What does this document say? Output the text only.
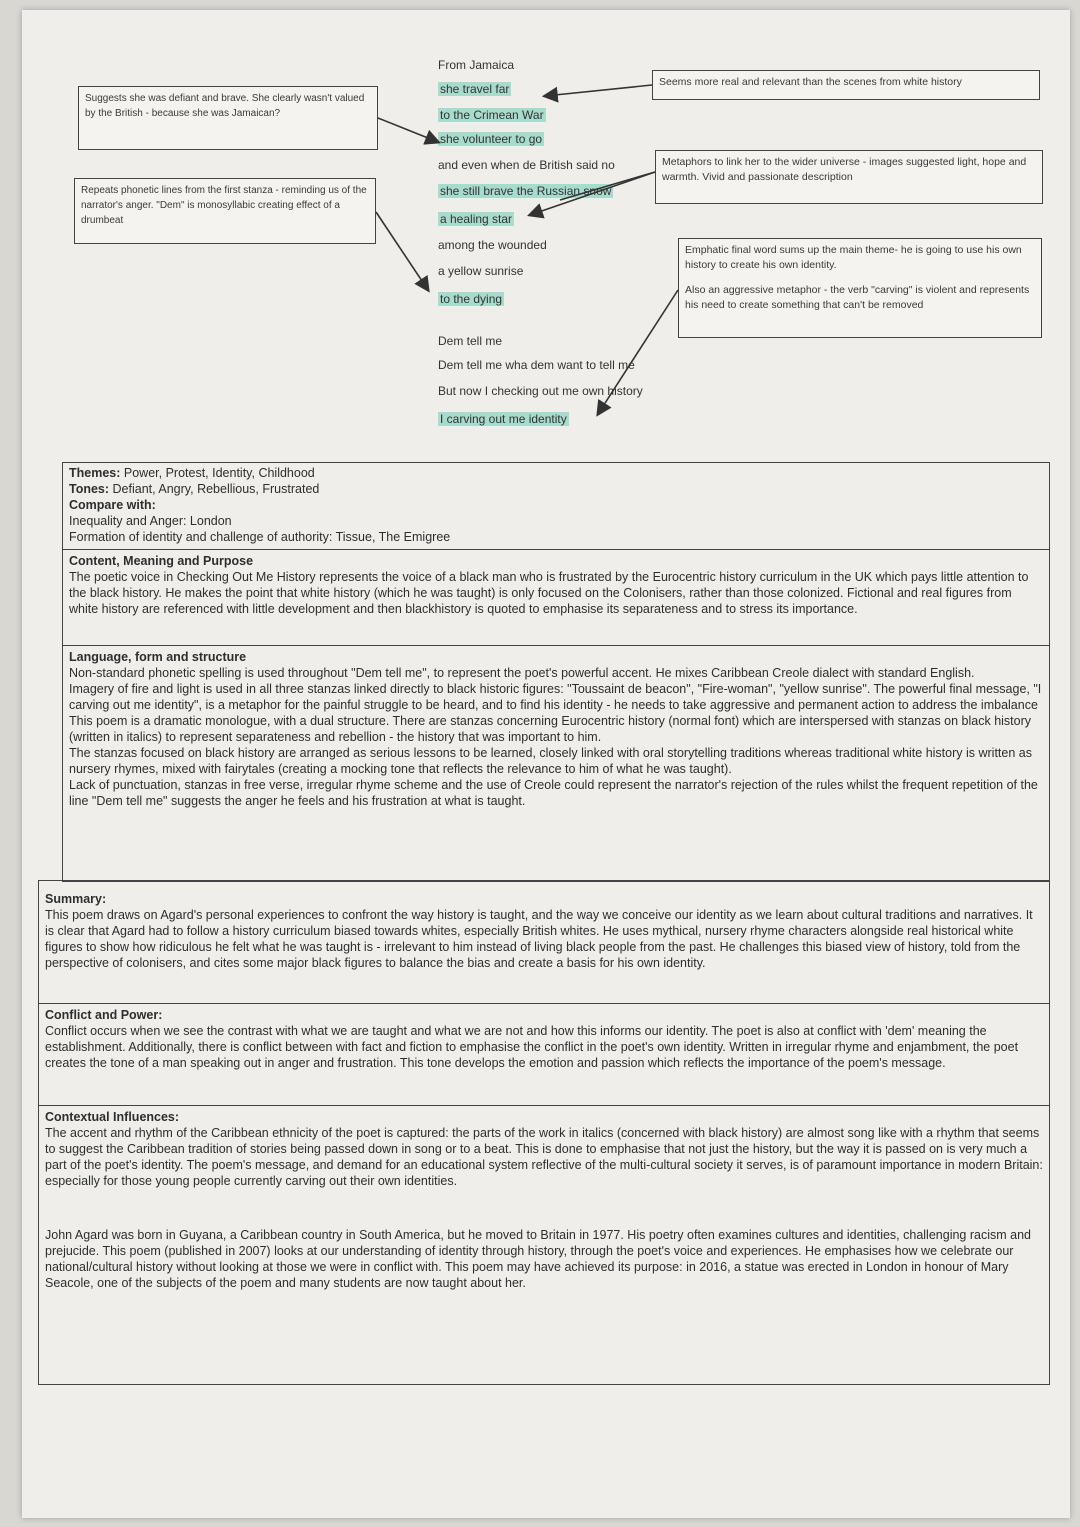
Suggests she was defiant and brave. She clearly wasn't valued by the British - because she was Jamaican?
Repeats phonetic lines from the first stanza - reminding us of the narrator's anger. "Dem" is monosyllabic creating effect of a drumbeat
Seems more real and relevant than the scenes from white history
Metaphors to link her to the wider universe - images suggested light, hope and warmth. Vivid and passionate description
Emphatic final word sums up the main theme- he is going to use his own history to create his own identity.
Also an aggressive metaphor - the verb "carving" is violent and represents his need to create something that can't be removed
From Jamaica
she travel far
to the Crimean War
she volunteer to go
and even when de British said no
she still brave the Russian snow
a healing star
among the wounded
a yellow sunrise
to the dying
Dem tell me
Dem tell me wha dem want to tell me
But now I checking out me own history
I carving out me identity

Themes: Power, Protest, Identity, Childhood

Tones: Defiant, Angry, Rebellious, Frustrated

Compare with:

Inequality and Anger: London

Formation of identity and challenge of authority: Tissue, The Emigree

Content, Meaning and Purpose

The poetic voice in Checking Out Me History represents the voice of a black man who is frustrated by the Eurocentric history curriculum in the UK which pays little attention to the black history. He makes the point that white history (which he was taught) is only focused on the Colonisers, rather than those colonized. Fictional and real figures from white history are referenced with little development and then blackhistory is quoted to emphasise its separateness and to stress its importance.

Language, form and structure

Non-standard phonetic spelling is used throughout "Dem tell me", to represent the poet's powerful accent. He mixes Caribbean Creole dialect with standard English.

Imagery of fire and light is used in all three stanzas linked directly to black historic figures: "Toussaint de beacon", "Fire-woman", "yellow sunrise". The powerful final message, "I carving out me identity", is a metaphor for the painful struggle to be heard, and to find his identity - he needs to take aggressive and permanent action to address the imbalance

This poem is a dramatic monologue, with a dual structure. There are stanzas concerning Eurocentric history (normal font) which are interspersed with stanzas on black history (written in italics) to represent separateness and rebellion - the history that was important to him.

The stanzas focused on black history are arranged as serious lessons to be learned, closely linked with oral storytelling traditions whereas traditional white history is written as nursery rhymes, mixed with fairytales (creating a mocking tone that reflects the relevance to him of what he was taught).

Lack of punctuation, stanzas in free verse, irregular rhyme scheme and the use of Creole could represent the narrator's rejection of the rules whilst the frequent repetition of the line "Dem tell me" suggests the anger he feels and his frustration at what is taught.

Summary:

This poem draws on Agard's personal experiences to confront the way history is taught, and the way we conceive our identity as we learn about cultural traditions and narratives. It is clear that Agard had to follow a history curriculum biased towards whites, especially British whites. He uses mythical, nursery rhyme characters alongside real historical white figures to show how ridiculous he felt what he was taught is - irrelevant to him instead of living black people from the past. He challenges this biased view of history, told from the perspective of colonisers, and cites some major black figures to balance the bias and create a basis for his own identity.

Conflict and Power:

Conflict occurs when we see the contrast with what we are taught and what we are not and how this informs our identity. The poet is also at conflict with 'dem' meaning the establishment. Additionally, there is conflict between with fact and fiction to emphasise the conflict in the poet's own identity. Written in irregular rhyme and enjambment, the poet creates the tone of a man speaking out in anger and frustration. This tone develops the emotion and passion which reflects the importance of the poem's message.

Contextual Influences:

The accent and rhythm of the Caribbean ethnicity of the poet is captured: the parts of the work in italics (concerned with black history) are almost song like with a rhythm that seems to suggest the Caribbean tradition of stories being passed down in song or to a beat. This is done to emphasise that not just the history, but the way it is passed on is very much a part of the poet's identity. The poem's message, and demand for an educational system reflective of the multi-cultural society it serves, is of paramount importance in modern Britain: especially for those young people currently carving out their own identities.

John Agard was born in Guyana, a Caribbean country in South America, but he moved to Britain in 1977. His poetry often examines cultures and identities, challenging racism and prejucide. This poem (published in 2007) looks at our understanding of identity through history, through the poet's voice and experiences. He emphasises how we celebrate our national/cultural history without looking at those we were in conflict with. This poem may have achieved its purpose: in 2016, a statue was erected in London in honour of Mary Seacole, one of the subjects of the poem and many students are now taught about her.
